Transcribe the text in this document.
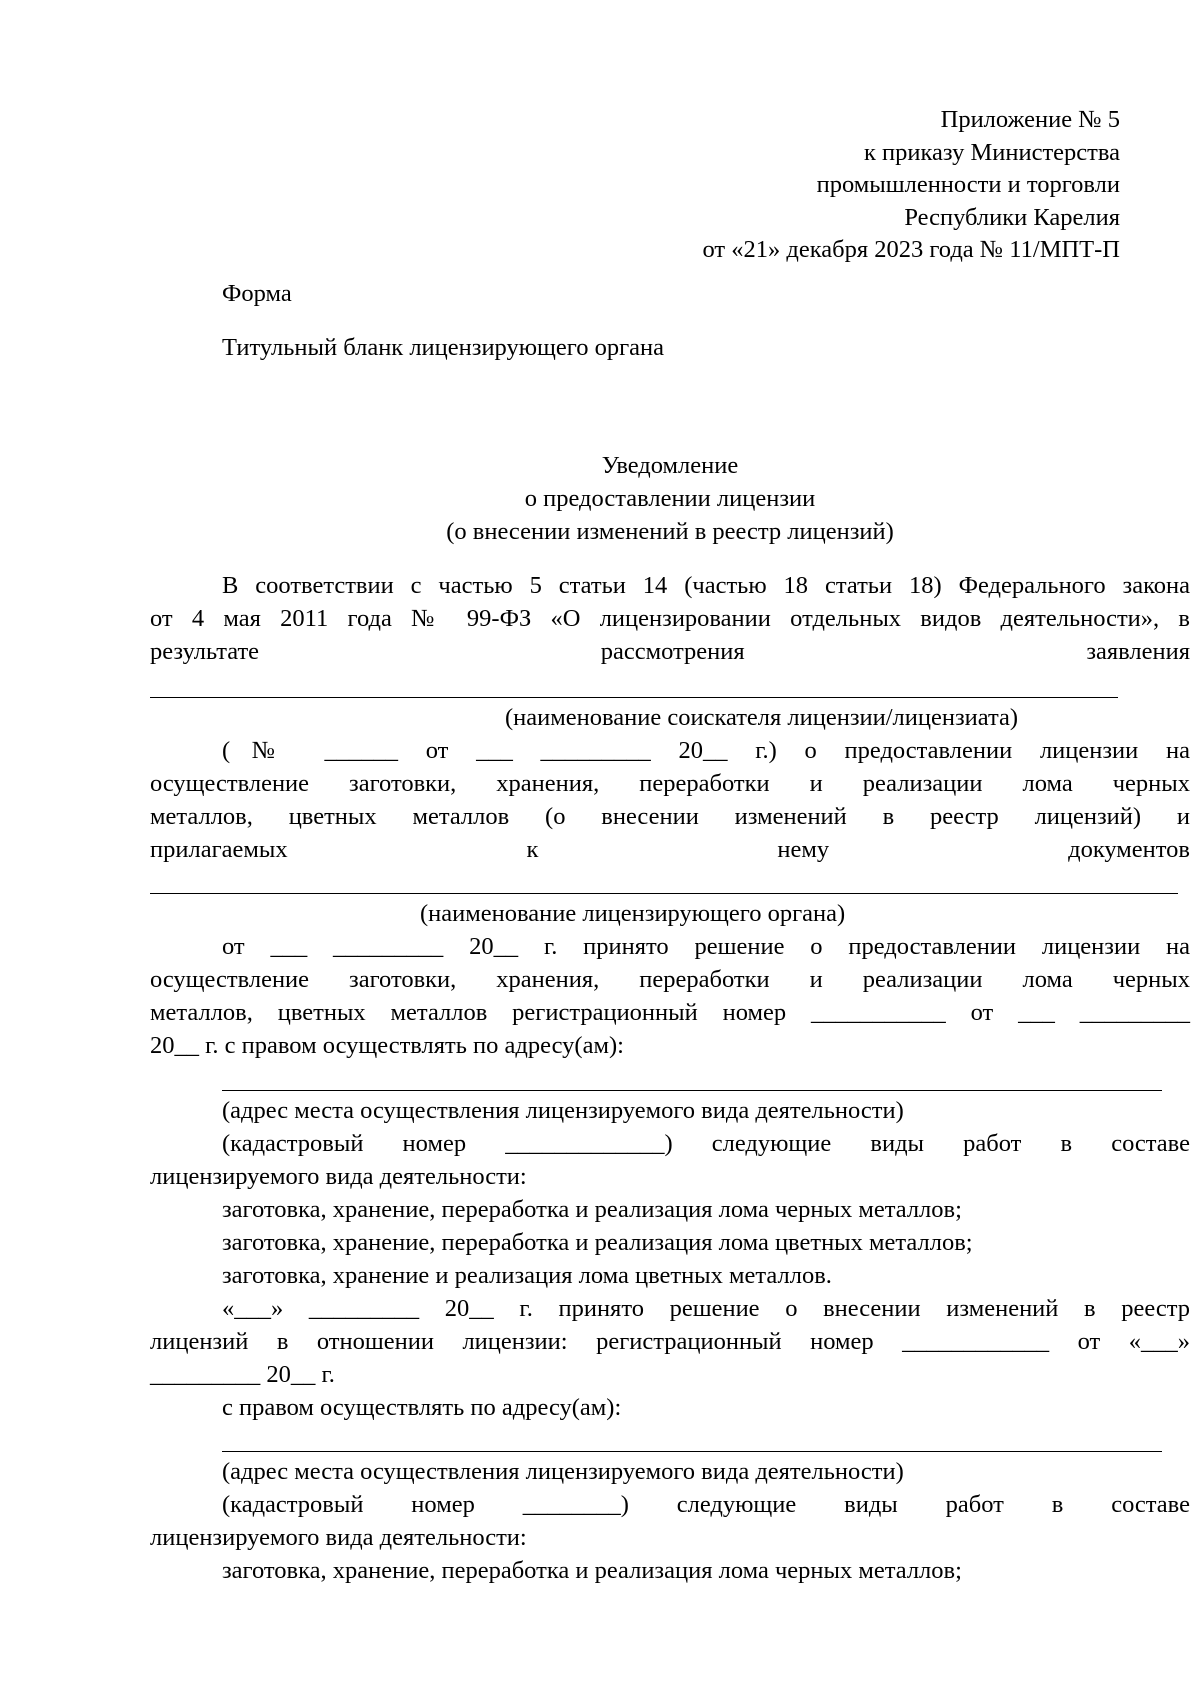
Приложение № 5
к приказу Министерства
промышленности и торговли
Республики Карелия
от «21» декабря 2023 года № 11/МПТ-П
Форма
Титульный бланк лицензирующего органа
Уведомление
о предоставлении лицензии
(о внесении изменений в реестр лицензий)
В соответствии с частью 5 статьи 14 (частью 18 статьи 18) Федерального закона
от 4 мая 2011 года № 99-ФЗ «О лицензировании отдельных видов деятельности», в
результате рассмотрения заявления
(наименование соискателя лицензии/лицензиата)
(№ ______ от ___ _________ 20__ г.) о предоставлении лицензии на
осуществление заготовки, хранения, переработки и реализации лома черных
металлов, цветных металлов (о внесении изменений в реестр лицензий) и
прилагаемых к нему документов
(наименование лицензирующего органа)
от ___ _________ 20__ г. принято решение о предоставлении лицензии на
осуществление заготовки, хранения, переработки и реализации лома черных
металлов, цветных металлов регистрационный номер ___________ от ___ _________
20__ г. с правом осуществлять по адресу(ам):
(адрес места осуществления лицензируемого вида деятельности)
(кадастровый номер _____________) следующие виды работ в составе
лицензируемого вида деятельности:
заготовка, хранение, переработка и реализация лома черных металлов;
заготовка, хранение, переработка и реализация лома цветных металлов;
заготовка, хранение и реализация лома цветных металлов.
«___» _________ 20__ г. принято решение о внесении изменений в реестр
лицензий в отношении лицензии: регистрационный номер ____________ от «___»
_________ 20__ г.
с правом осуществлять по адресу(ам):
(адрес места осуществления лицензируемого вида деятельности)
(кадастровый номер ________) следующие виды работ в составе
лицензируемого вида деятельности:
заготовка, хранение, переработка и реализация лома черных металлов;
